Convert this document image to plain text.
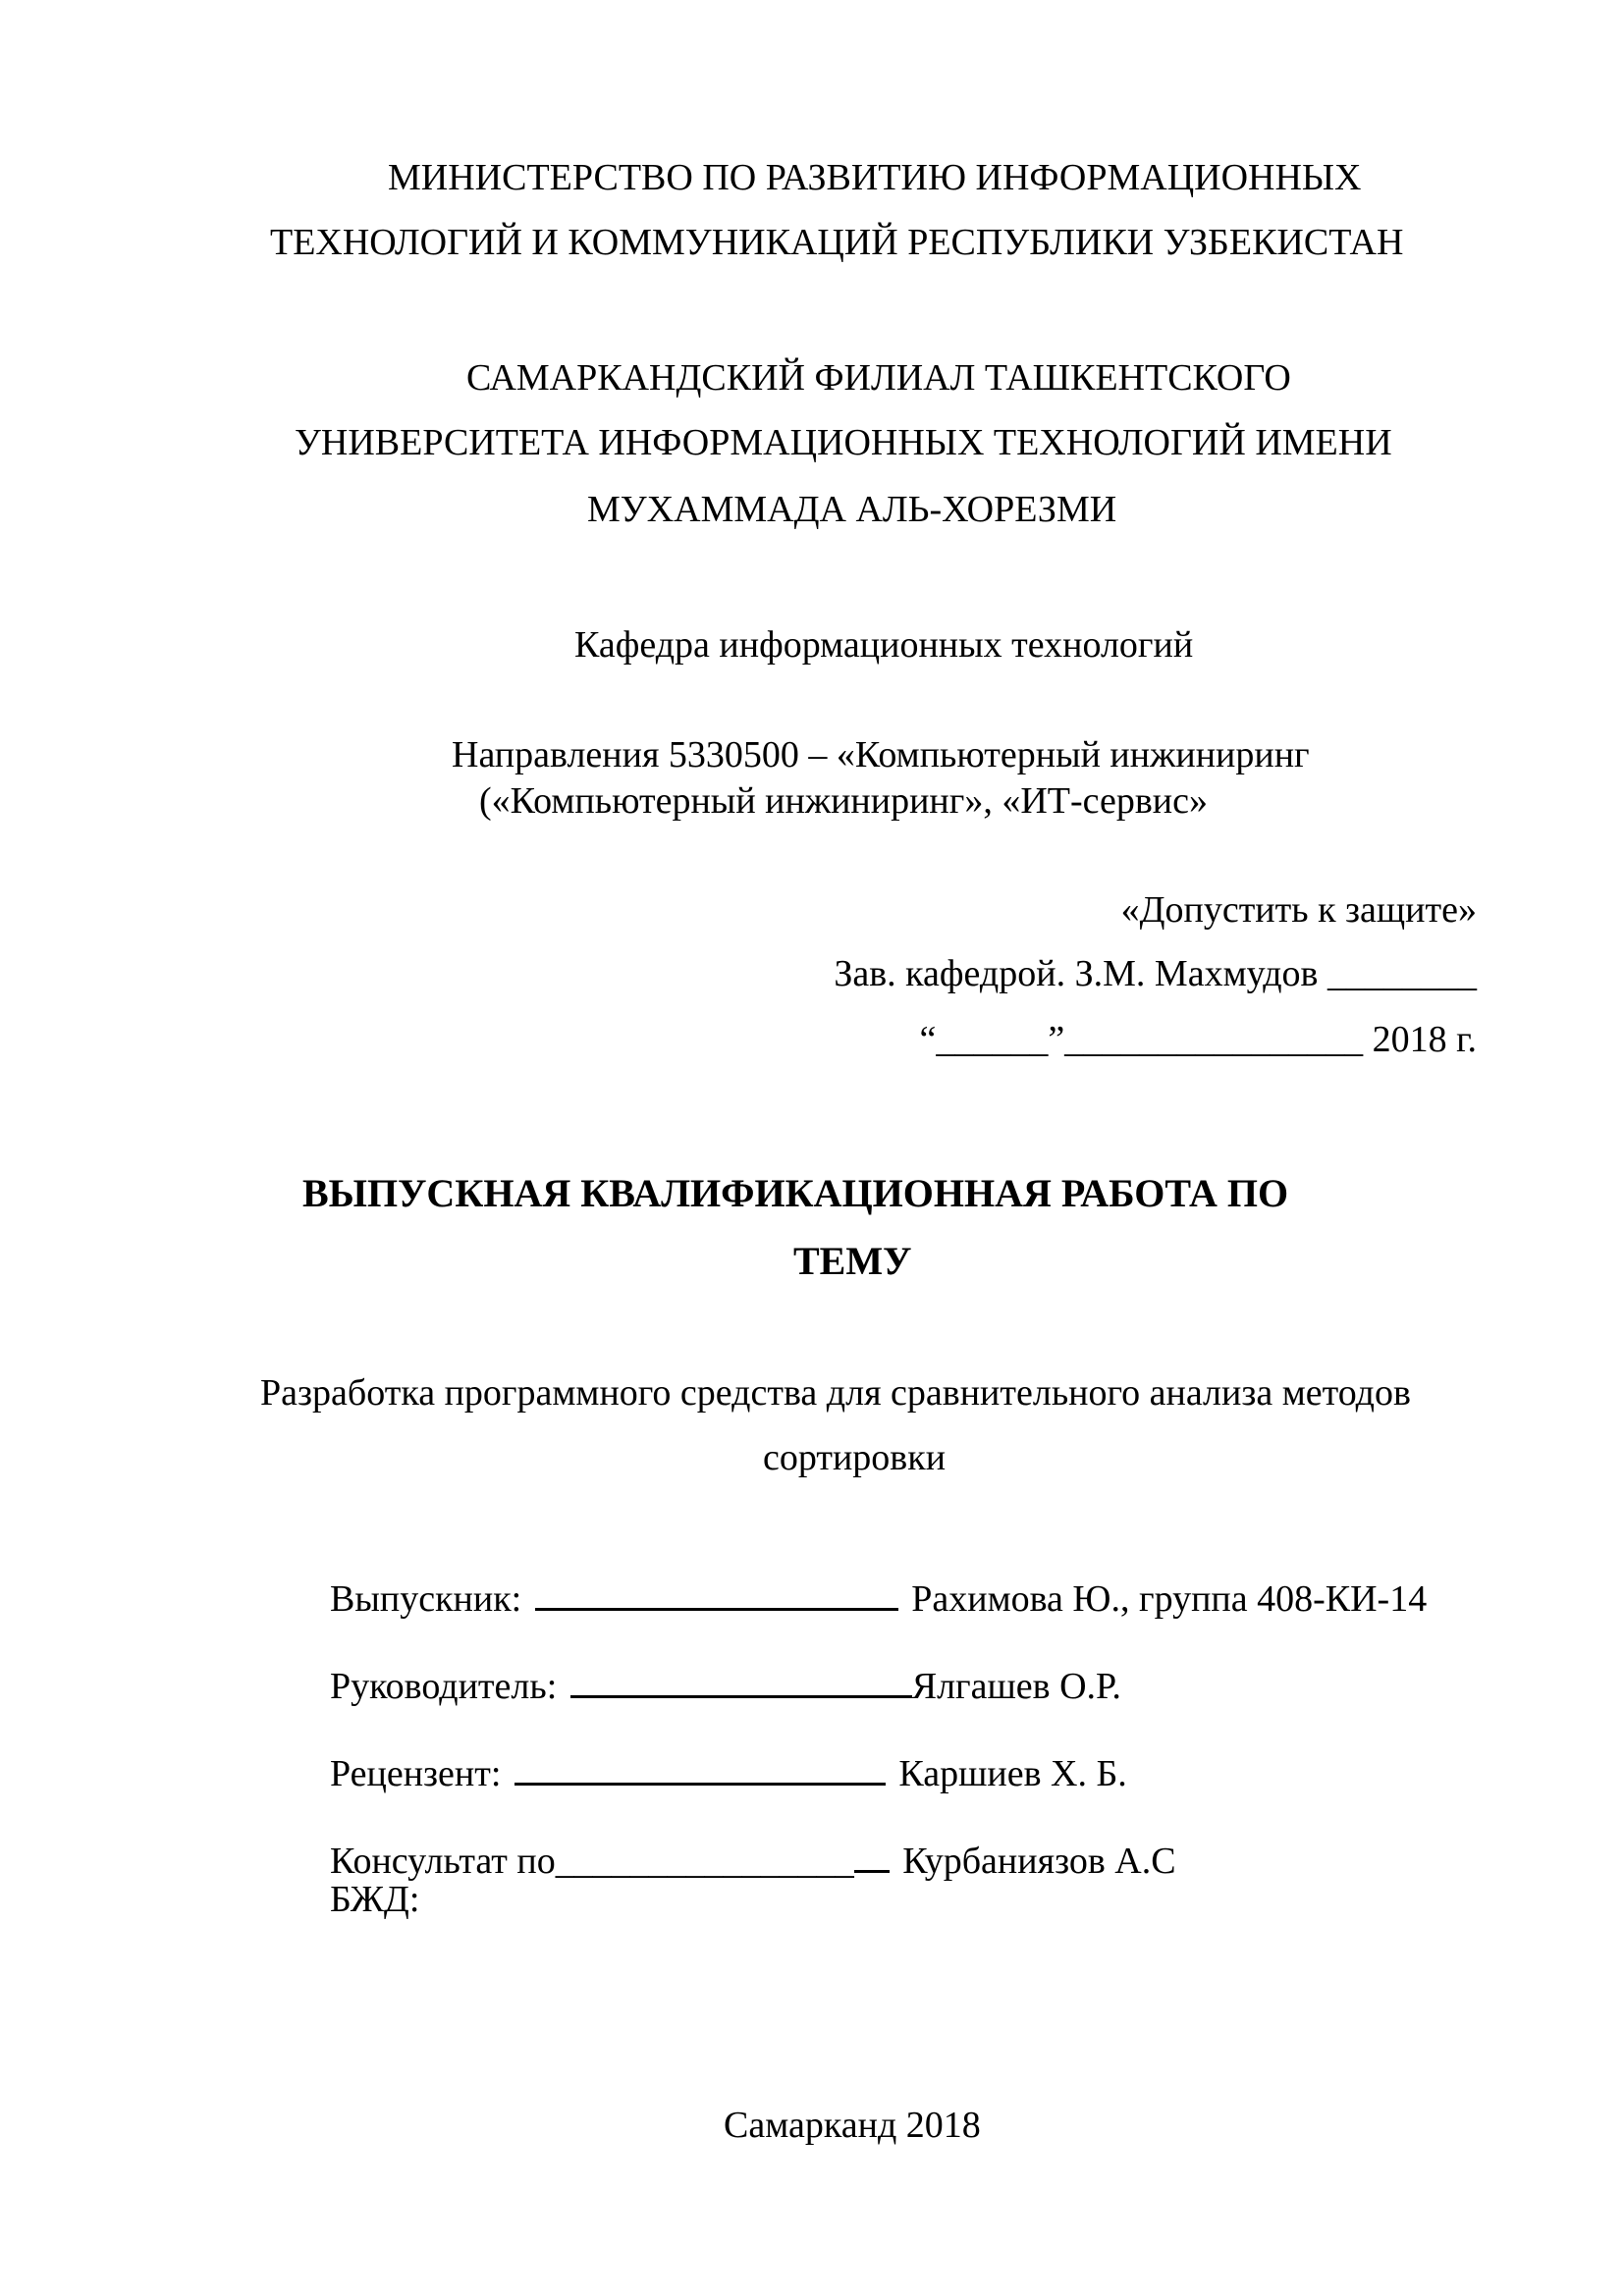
МИНИСТЕРСТВО ПО РАЗВИТИЮ ИНФОРМАЦИОННЫХ

ТЕХНОЛОГИЙ И КОММУНИКАЦИЙ РЕСПУБЛИКИ УЗБЕКИСТАН

САМАРКАНДСКИЙ ФИЛИАЛ ТАШКЕНТСКОГО

УНИВЕРСИТЕТА ИНФОРМАЦИОННЫХ ТЕХНОЛОГИЙ ИМЕНИ

МУХАММАДА АЛЬ-ХОРЕЗМИ

Кафедра информационных технологий

Направления 5330500 – «Компьютерный инжиниринг

(«Компьютерный инжиниринг», «ИТ-сервис»

«Допустить к защите»

Зав. кафедрой. З.М. Махмудов ________

“______”________________ 2018 г.

ВЫПУСКНАЯ КВАЛИФИКАЦИОННАЯ РАБОТА ПО

ТЕМУ

Разработка программного средства для сравнительного анализа методов

сортировки

Выпускник:	Рахимова Ю., группа 408-КИ-14
Руководитель:	Ялгашев О.Р.
Рецензент:	Каршиев Х. Б.
Консультат по________________ Курбаниязов А.С
БЖД:

Самарканд 2018
